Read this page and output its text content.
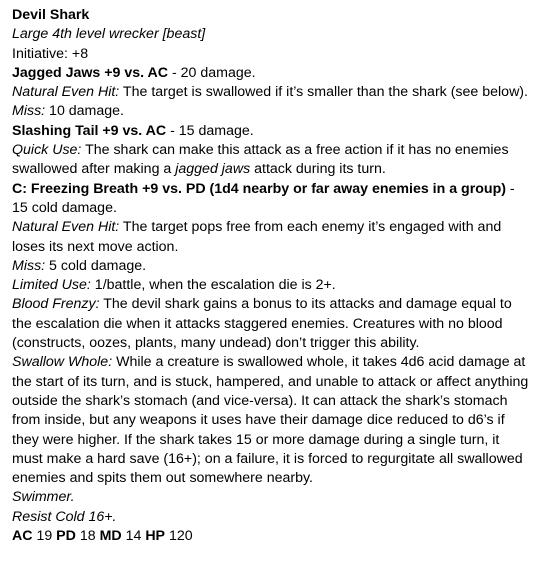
Devil Shark

Large 4th level wrecker [beast]

Initiative: +8

Jagged Jaws +9 vs. AC - 20 damage.

Natural Even Hit: The target is swallowed if it’s smaller than the shark (see below).

Miss: 10 damage.

Slashing Tail +9 vs. AC - 15 damage.

Quick Use: The shark can make this attack as a free action if it has no enemies swallowed after making a jagged jaws attack during its turn.

C: Freezing Breath +9 vs. PD (1d4 nearby or far away enemies in a group) - 15 cold damage.

Natural Even Hit: The target pops free from each enemy it’s engaged with and loses its next move action.

Miss: 5 cold damage.

Limited Use: 1/battle, when the escalation die is 2+.

Blood Frenzy: The devil shark gains a bonus to its attacks and damage equal to the escalation die when it attacks staggered enemies. Creatures with no blood (constructs, oozes, plants, many undead) don’t trigger this ability.

Swallow Whole: While a creature is swallowed whole, it takes 4d6 acid damage at the start of its turn, and is stuck, hampered, and unable to attack or affect anything outside the shark’s stomach (and vice-versa). It can attack the shark’s stomach from inside, but any weapons it uses have their damage dice reduced to d6’s if they were higher. If the shark takes 15 or more damage during a single turn, it must make a hard save (16+); on a failure, it is forced to regurgitate all swallowed enemies and spits them out somewhere nearby.

Swimmer.

Resist Cold 16+.

AC 19 PD 18 MD 14 HP 120
